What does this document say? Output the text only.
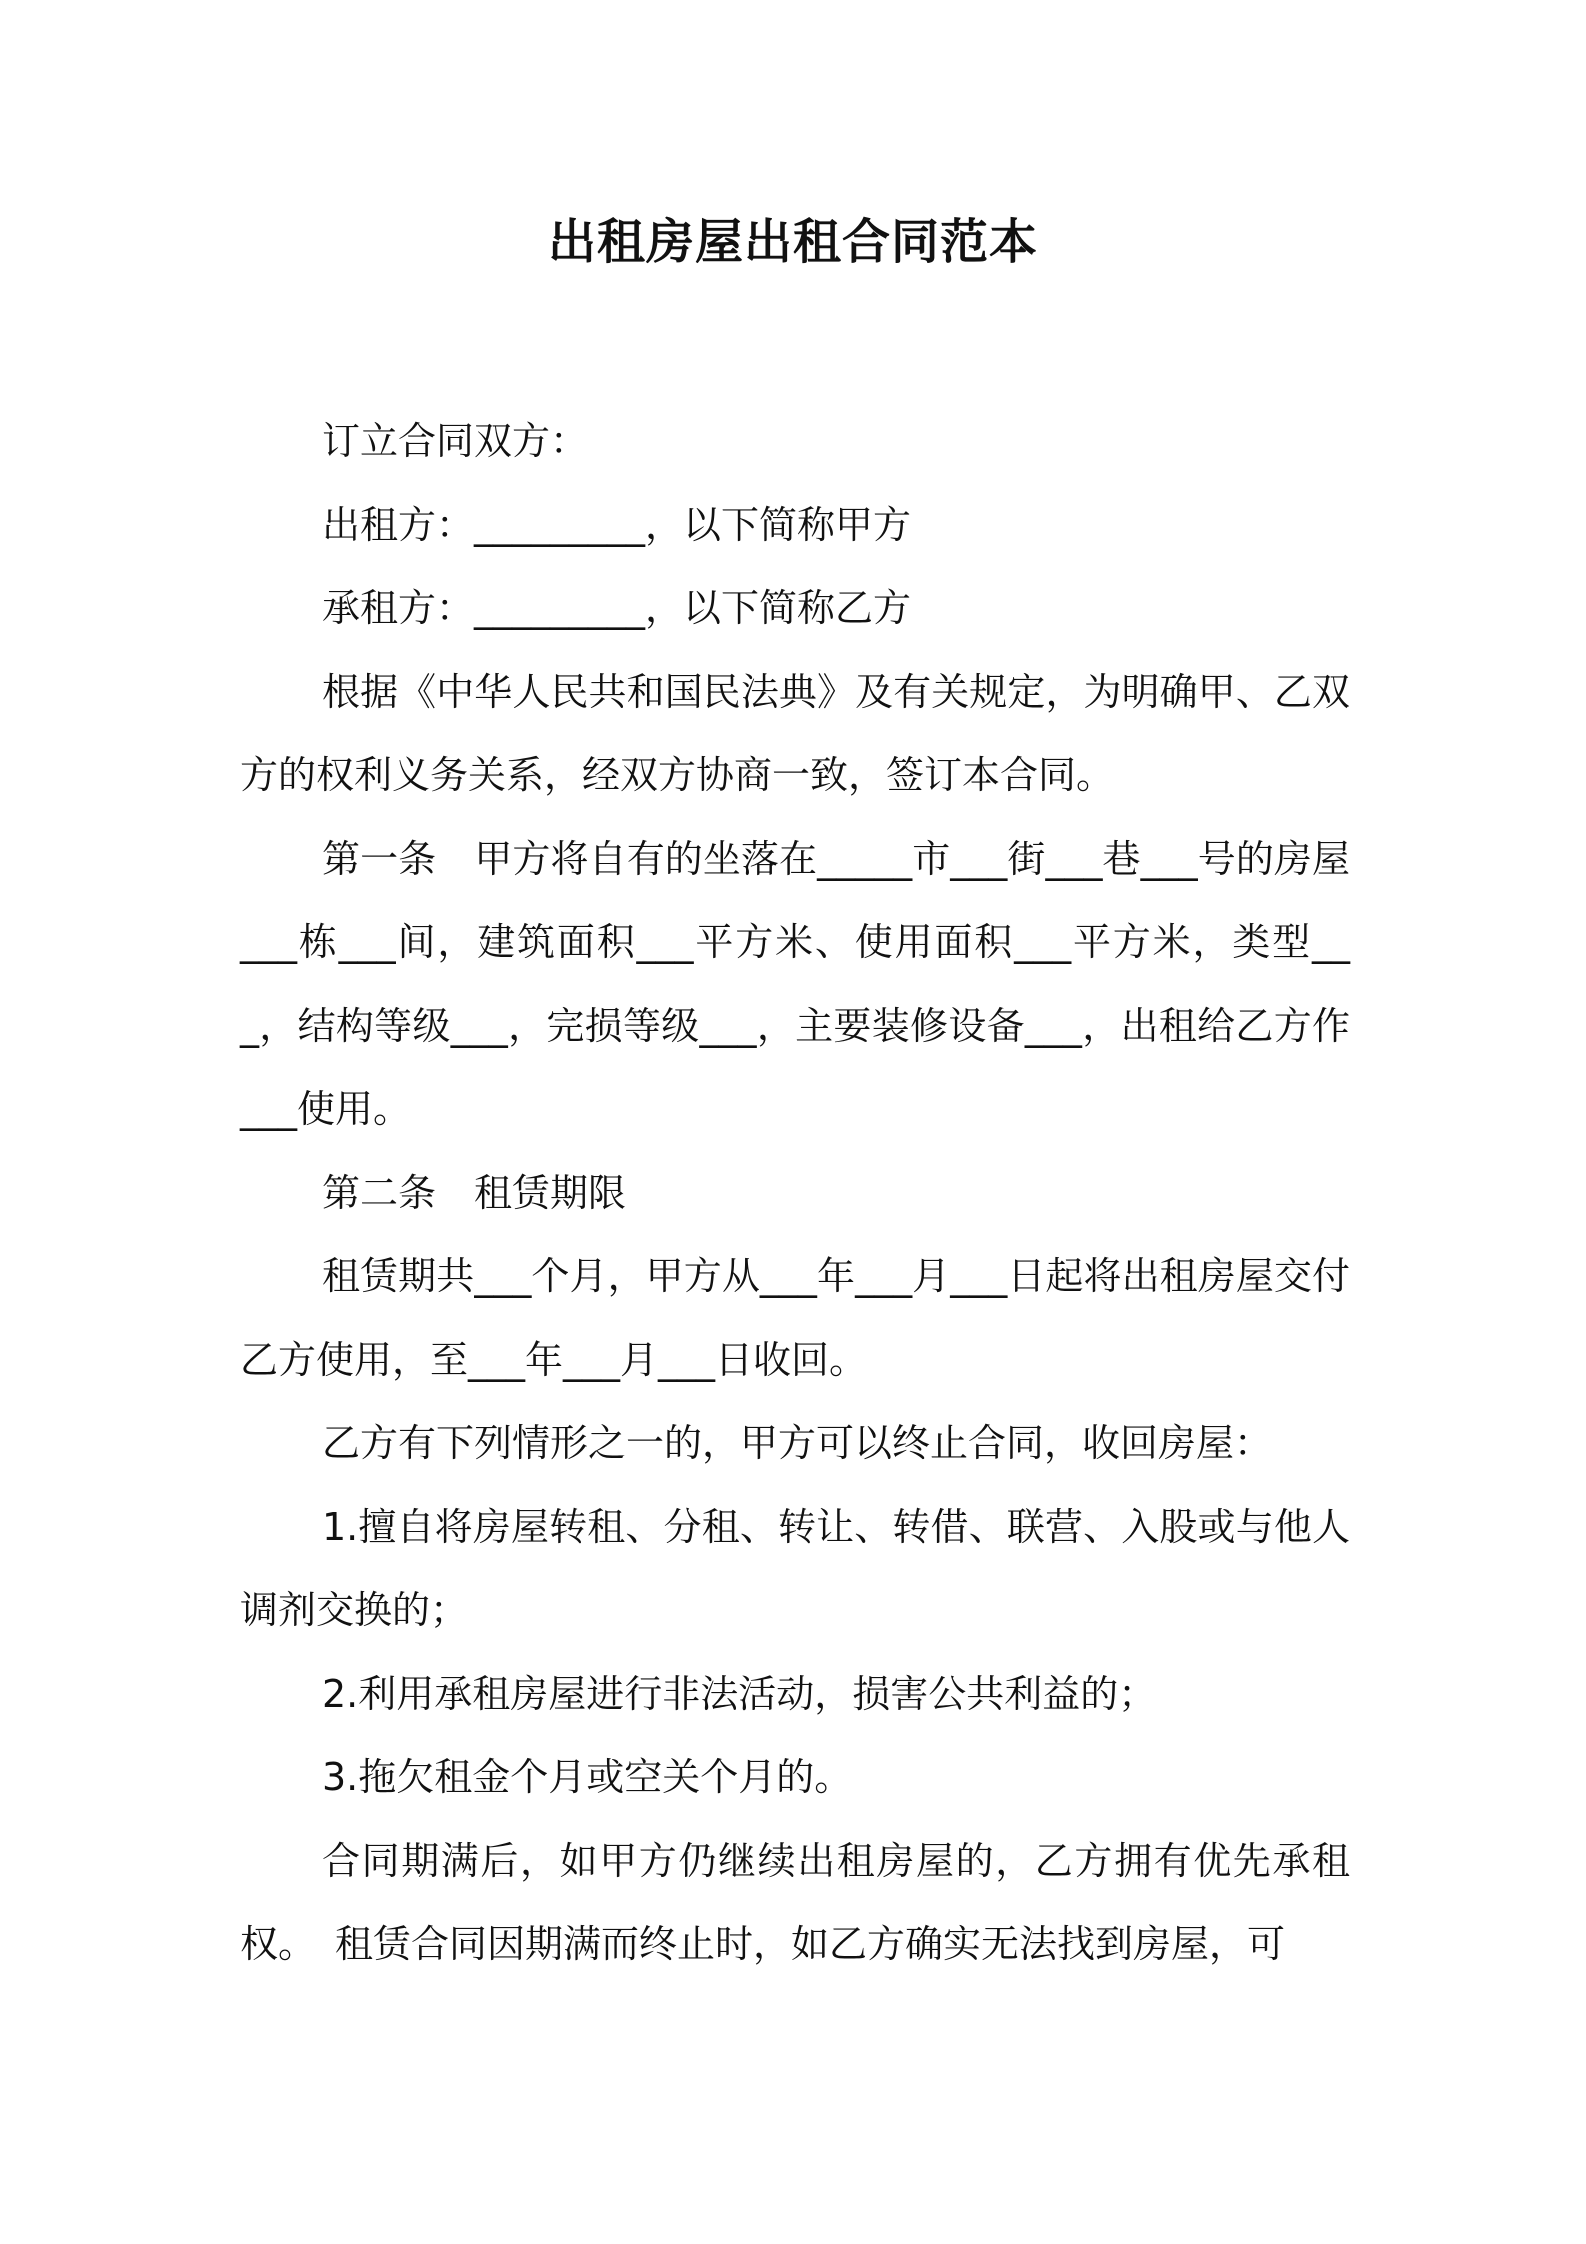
出租房屋出租合同范本

订立合同双方：

出租方：_________，以下简称甲方

承租方：_________，以下简称乙方

根据《中华人民共和国民法典》及有关规定，为明确甲、乙双方的权利义务关系，经双方协商一致，签订本合同。

第一条　甲方将自有的坐落在_____市___街___巷___号的房屋___栋___间，建筑面积___平方米、使用面积___平方米，类型___，结构等级___，完损等级___，主要装修设备___，出租给乙方作___使用。

第二条　租赁期限

租赁期共___个月，甲方从___年___月___日起将出租房屋交付乙方使用，至___年___月___日收回。

乙方有下列情形之一的，甲方可以终止合同，收回房屋：

1.擅自将房屋转租、分租、转让、转借、联营、入股或与他人调剂交换的；

2.利用承租房屋进行非法活动，损害公共利益的；

3.拖欠租金个月或空关个月的。

合同期满后，如甲方仍继续出租房屋的，乙方拥有优先承租权。　租赁合同因期满而终止时，如乙方确实无法找到房屋，可
